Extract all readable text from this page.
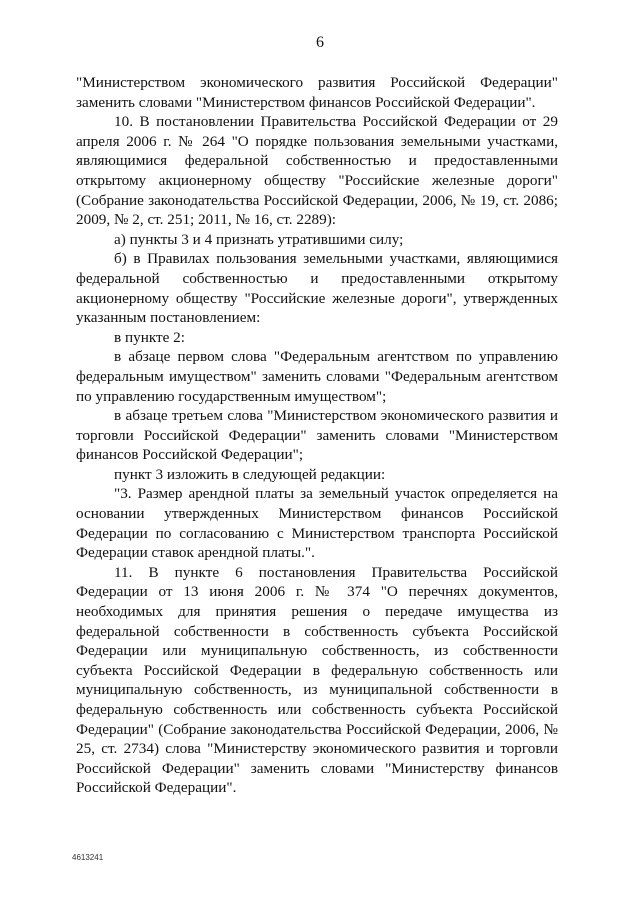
6

"Министерством экономического развития Российской Федерации" заменить словами "Министерством финансов Российской Федерации".

10. В постановлении Правительства Российской Федерации от 29 апреля 2006 г. № 264 "О порядке пользования земельными участками, являющимися федеральной собственностью и предоставленными открытому акционерному обществу "Российские железные дороги" (Собрание законодательства Российской Федерации, 2006, № 19, ст. 2086; 2009, № 2, ст. 251; 2011, № 16, ст. 2289):

а) пункты 3 и 4 признать утратившими силу;

б) в Правилах пользования земельными участками, являющимися федеральной собственностью и предоставленными открытому акционерному обществу "Российские железные дороги", утвержденных указанным постановлением:

в пункте 2:

в абзаце первом слова "Федеральным агентством по управлению федеральным имуществом" заменить словами "Федеральным агентством по управлению государственным имуществом";

в абзаце третьем слова "Министерством экономического развития и торговли Российской Федерации" заменить словами "Министерством финансов Российской Федерации";

пункт 3 изложить в следующей редакции:

"3. Размер арендной платы за земельный участок определяется на основании утвержденных Министерством финансов Российской Федерации по согласованию с Министерством транспорта Российской Федерации ставок арендной платы.".

11. В пункте 6 постановления Правительства Российской Федерации от 13 июня 2006 г. № 374 "О перечнях документов, необходимых для принятия решения о передаче имущества из федеральной собственности в собственность субъекта Российской Федерации или муниципальную собственность, из собственности субъекта Российской Федерации в федеральную собственность или муниципальную собственность, из муниципальной собственности в федеральную собственность или собственность субъекта Российской Федерации" (Собрание законодательства Российской Федерации, 2006, № 25, ст. 2734) слова "Министерству экономического развития и торговли Российской Федерации" заменить словами "Министерству финансов Российской Федерации".

4613241
